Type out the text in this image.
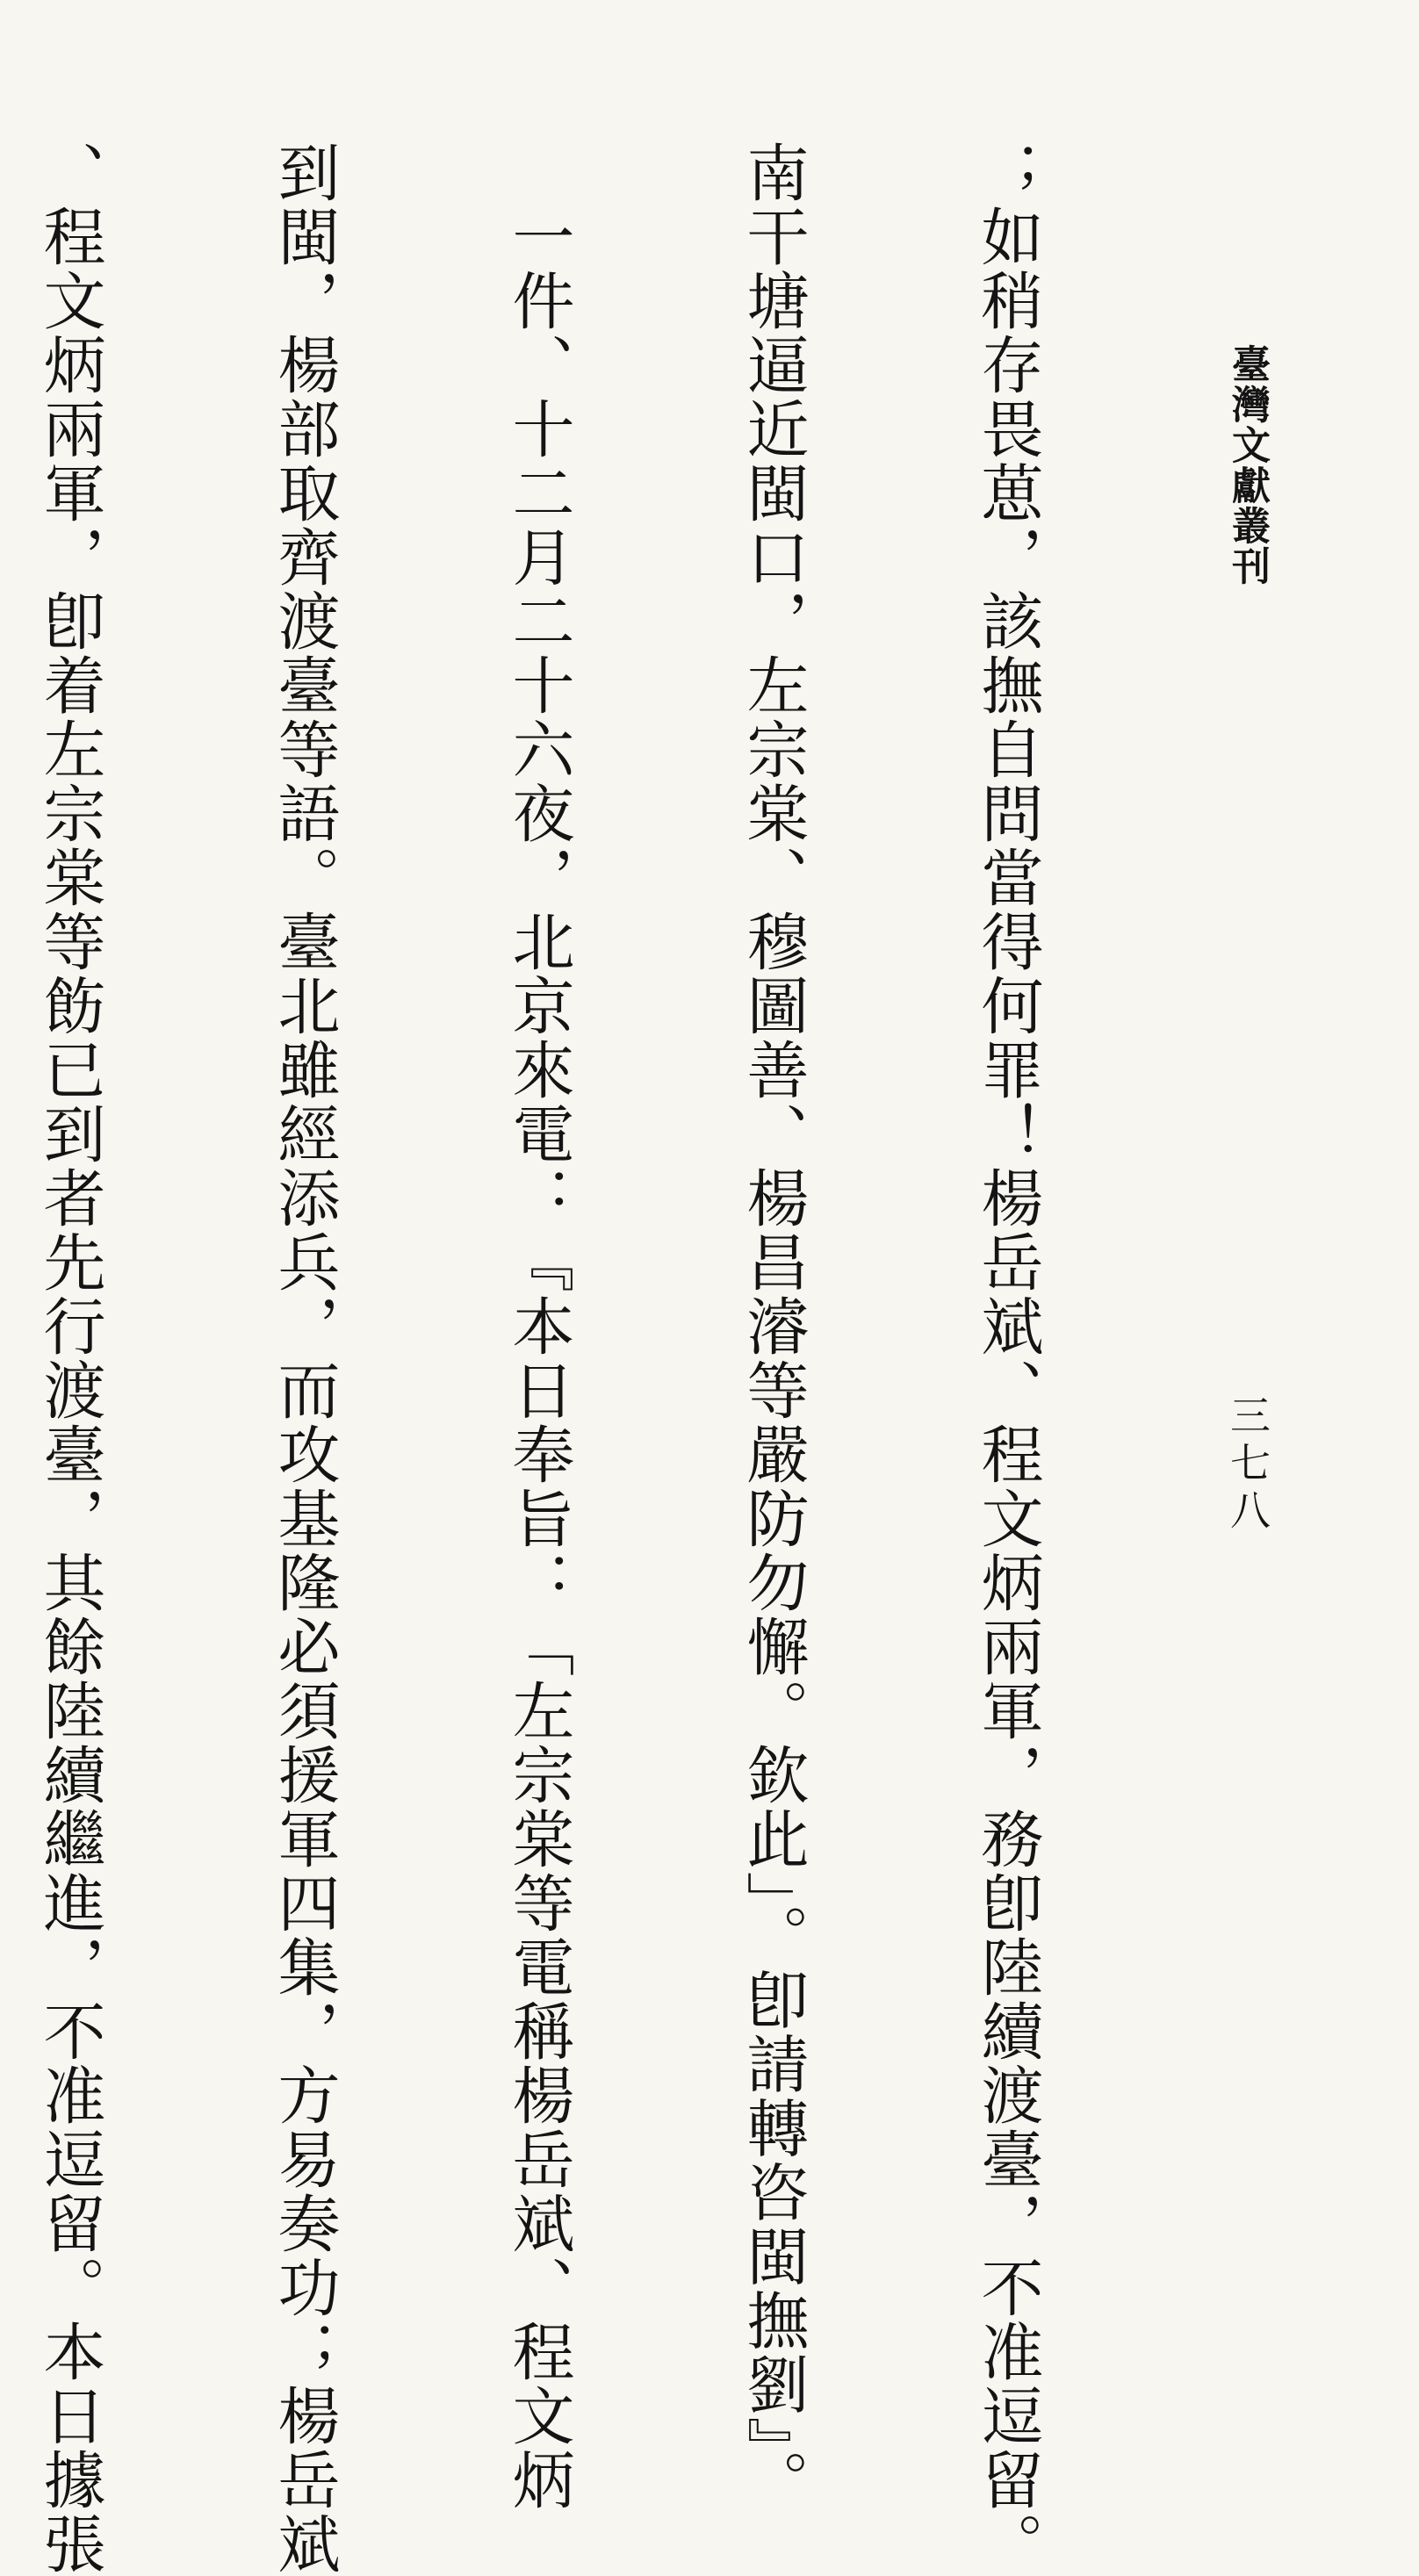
臺灣文獻叢刊
三七八

；如稍存畏葸，該撫自問當得何罪！楊岳斌、程文炳兩軍，務卽陸續渡臺，不准逗留。

南干塘逼近閩口，左宗棠、穆圖善、楊昌濬等嚴防勿懈。欽此」。卽請轉咨閩撫劉』。

　一件、十二月二十六夜，北京來電：『本日奉旨：「左宗棠等電稱楊岳斌、程文炳

到閩，楊部取齊渡臺等語。臺北雖經添兵，而攻基隆必須援軍四集，方易奏功；楊岳斌

、程文炳兩軍，卽着左宗棠等飭已到者先行渡臺，其餘陸續繼進，不准逗留。本日據張
